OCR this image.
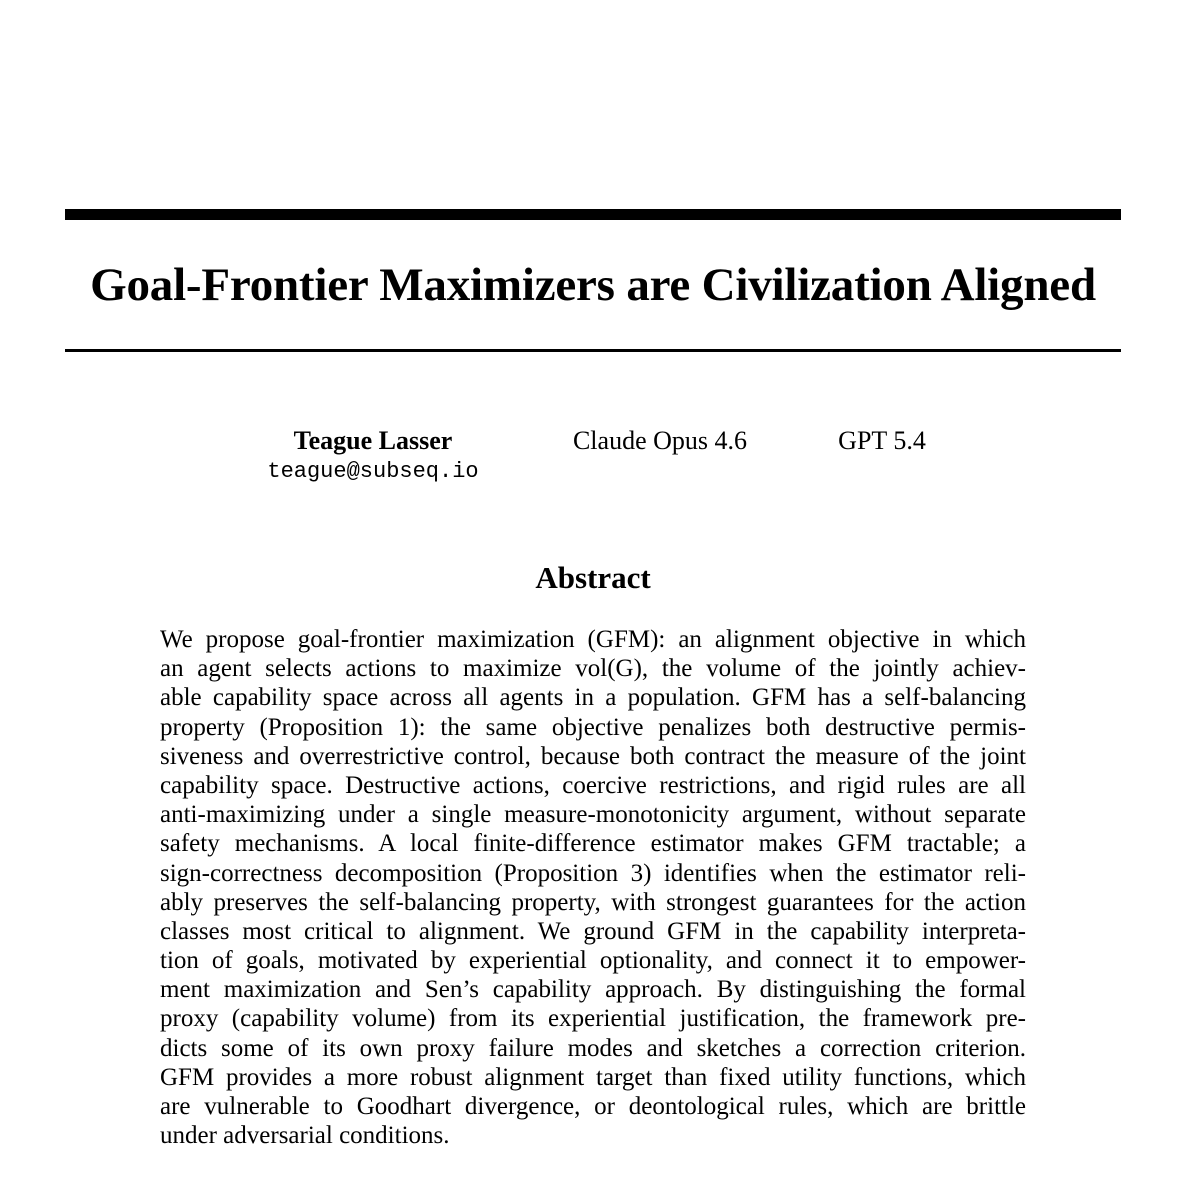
Goal-Frontier Maximizers are Civilization Aligned
Teague Lasser
teague@subseq.io
Claude Opus 4.6	GPT 5.4
Abstract
We propose goal-frontier maximization (GFM): an alignment objective in which
an agent selects actions to maximize vol(G), the volume of the jointly achiev-
able capability space across all agents in a population. GFM has a self-balancing
property (Proposition 1): the same objective penalizes both destructive permis-
siveness and overrestrictive control, because both contract the measure of the joint
capability space. Destructive actions, coercive restrictions, and rigid rules are all
anti-maximizing under a single measure-monotonicity argument, without separate
safety mechanisms. A local finite-difference estimator makes GFM tractable; a
sign-correctness decomposition (Proposition 3) identifies when the estimator reli-
ably preserves the self-balancing property, with strongest guarantees for the action
classes most critical to alignment. We ground GFM in the capability interpreta-
tion of goals, motivated by experiential optionality, and connect it to empower-
ment maximization and Sen’s capability approach. By distinguishing the formal
proxy (capability volume) from its experiential justification, the framework pre-
dicts some of its own proxy failure modes and sketches a correction criterion.
GFM provides a more robust alignment target than fixed utility functions, which
are vulnerable to Goodhart divergence, or deontological rules, which are brittle
under adversarial conditions.
